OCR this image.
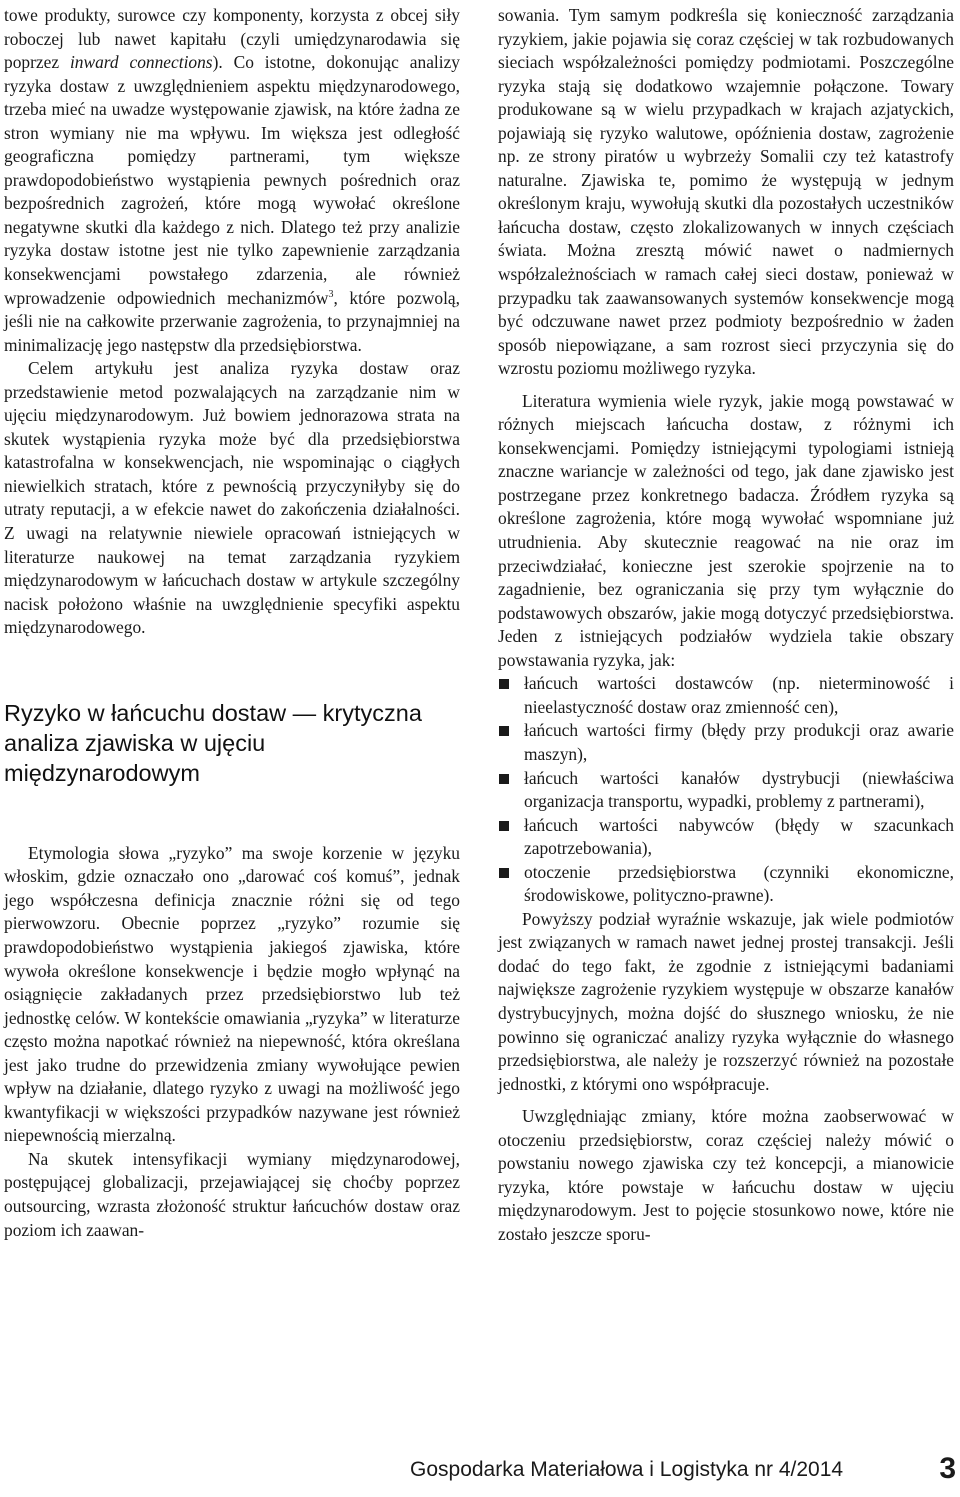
towe produkty, surowce czy komponenty, korzysta z obcej siły roboczej lub nawet kapitału (czyli umiędzynarodawia się poprzez inward connections). Co istotne, dokonując analizy ryzyka dostaw z uwzględnieniem aspektu międzynarodowego, trzeba mieć na uwadze występowanie zjawisk, na które żadna ze stron wymiany nie ma wpływu. Im większa jest odległość geograficzna pomiędzy partnerami, tym większe prawdopodobieństwo wystąpienia pewnych pośrednich oraz bezpośrednich zagrożeń, które mogą wywołać określone negatywne skutki dla każdego z nich. Dlatego też przy analizie ryzyka dostaw istotne jest nie tylko zapewnienie zarządzania konsekwencjami powstałego zdarzenia, ale również wprowadzenie odpowiednich mechanizmów$^3$, które pozwolą, jeśli nie na całkowite przerwanie zagrożenia, to przynajmniej na minimalizację jego następstw dla przedsiębiorstwa.

Celem artykułu jest analiza ryzyka dostaw oraz przedstawienie metod pozwalających na zarządzanie nim w ujęciu międzynarodowym. Już bowiem jednorazowa strata na skutek wystąpienia ryzyka może być dla przedsiębiorstwa katastrofalna w konsekwencjach, nie wspominając o ciągłych niewielkich stratach, które z pewnością przyczyniłyby się do utraty reputacji, a w efekcie nawet do zakończenia działalności. Z uwagi na relatywnie niewiele opracowań istniejących w literaturze naukowej na temat zarządzania ryzykiem międzynarodowym w łańcuchach dostaw w artykule szczególny nacisk położono właśnie na uwzględnienie specyfiki aspektu międzynarodowego.

Ryzyko w łańcuchu dostaw — krytyczna analiza zjawiska w ujęciu międzynarodowym

Etymologia słowa „ryzyko” ma swoje korzenie w języku włoskim, gdzie oznaczało ono „darować coś komuś”, jednak jego współczesna definicja znacznie różni się od tego pierwowzoru. Obecnie poprzez „ryzyko” rozumie się prawdopodobieństwo wystąpienia jakiegoś zjawiska, które wywoła określone konsekwencje i będzie mogło wpłynąć na osiągnięcie zakładanych przez przedsiębiorstwo lub też jednostkę celów. W kontekście omawiania „ryzyka” w literaturze często można napotkać również na niepewność, która określana jest jako trudne do przewidzenia zmiany wywołujące pewien wpływ na działanie, dlatego ryzyko z uwagi na możliwość jego kwantyfikacji w większości przypadków nazywane jest również niepewnością mierzalną.

Na skutek intensyfikacji wymiany międzynarodowej, postępującej globalizacji, przejawiającej się choćby poprzez outsourcing, wzrasta złożoność struktur łańcuchów dostaw oraz poziom ich zaawan-

sowania. Tym samym podkreśla się konieczność zarządzania ryzykiem, jakie pojawia się coraz częściej w tak rozbudowanych sieciach współzależności pomiędzy podmiotami. Poszczególne ryzyka stają się dodatkowo wzajemnie połączone. Towary produkowane są w wielu przypadkach w krajach azjatyckich, pojawiają się ryzyko walutowe, opóźnienia dostaw, zagrożenie np. ze strony piratów u wybrzeży Somalii czy też katastrofy naturalne. Zjawiska te, pomimo że występują w jednym określonym kraju, wywołują skutki dla pozostałych uczestników łańcucha dostaw, często zlokalizowanych w innych częściach świata. Można zresztą mówić nawet o nadmiernych współzależnościach w ramach całej sieci dostaw, ponieważ w przypadku tak zaawansowanych systemów konsekwencje mogą być odczuwane nawet przez podmioty bezpośrednio w żaden sposób niepowiązane, a sam rozrost sieci przyczynia się do wzrostu poziomu możliwego ryzyka.

Literatura wymienia wiele ryzyk, jakie mogą powstawać w różnych miejscach łańcucha dostaw, z różnymi ich konsekwencjami. Pomiędzy istniejącymi typologiami istnieją znaczne wariancje w zależności od tego, jak dane zjawisko jest postrzegane przez konkretnego badacza. Źródłem ryzyka są określone zagrożenia, które mogą wywołać wspomniane już utrudnienia. Aby skutecznie reagować na nie oraz im przeciwdziałać, konieczne jest szerokie spojrzenie na to zagadnienie, bez ograniczania się przy tym wyłącznie do podstawowych obszarów, jakie mogą dotyczyć przedsiębiorstwa. Jeden z istniejących podziałów wydziela takie obszary powstawania ryzyka, jak:

łańcuch wartości dostawców (np. nieterminowość i nieelastyczność dostaw oraz zmienność cen),
łańcuch wartości firmy (błędy przy produkcji oraz awarie maszyn),
łańcuch wartości kanałów dystrybucji (niewłaściwa organizacja transportu, wypadki, problemy z partnerami),
łańcuch wartości nabywców (błędy w szacunkach zapotrzebowania),
otoczenie przedsiębiorstwa (czynniki ekonomiczne, środowiskowe, polityczno-prawne).

Powyższy podział wyraźnie wskazuje, jak wiele podmiotów jest związanych w ramach nawet jednej prostej transakcji. Jeśli dodać do tego fakt, że zgodnie z istniejącymi badaniami największe zagrożenie ryzykiem występuje w obszarze kanałów dystrybucyjnych, można dojść do słusznego wniosku, że nie powinno się ograniczać analizy ryzyka wyłącznie do własnego przedsiębiorstwa, ale należy je rozszerzyć również na pozostałe jednostki, z którymi ono współpracuje.

Uwzględniając zmiany, które można zaobserwować w otoczeniu przedsiębiorstw, coraz częściej należy mówić o powstaniu nowego zjawiska czy też koncepcji, a mianowicie ryzyka, które powstaje w łańcuchu dostaw w ujęciu międzynarodowym. Jest to pojęcie stosunkowo nowe, które nie zostało jeszcze sporu-

Gospodarka Materiałowa i Logistyka nr 4/2014	3
